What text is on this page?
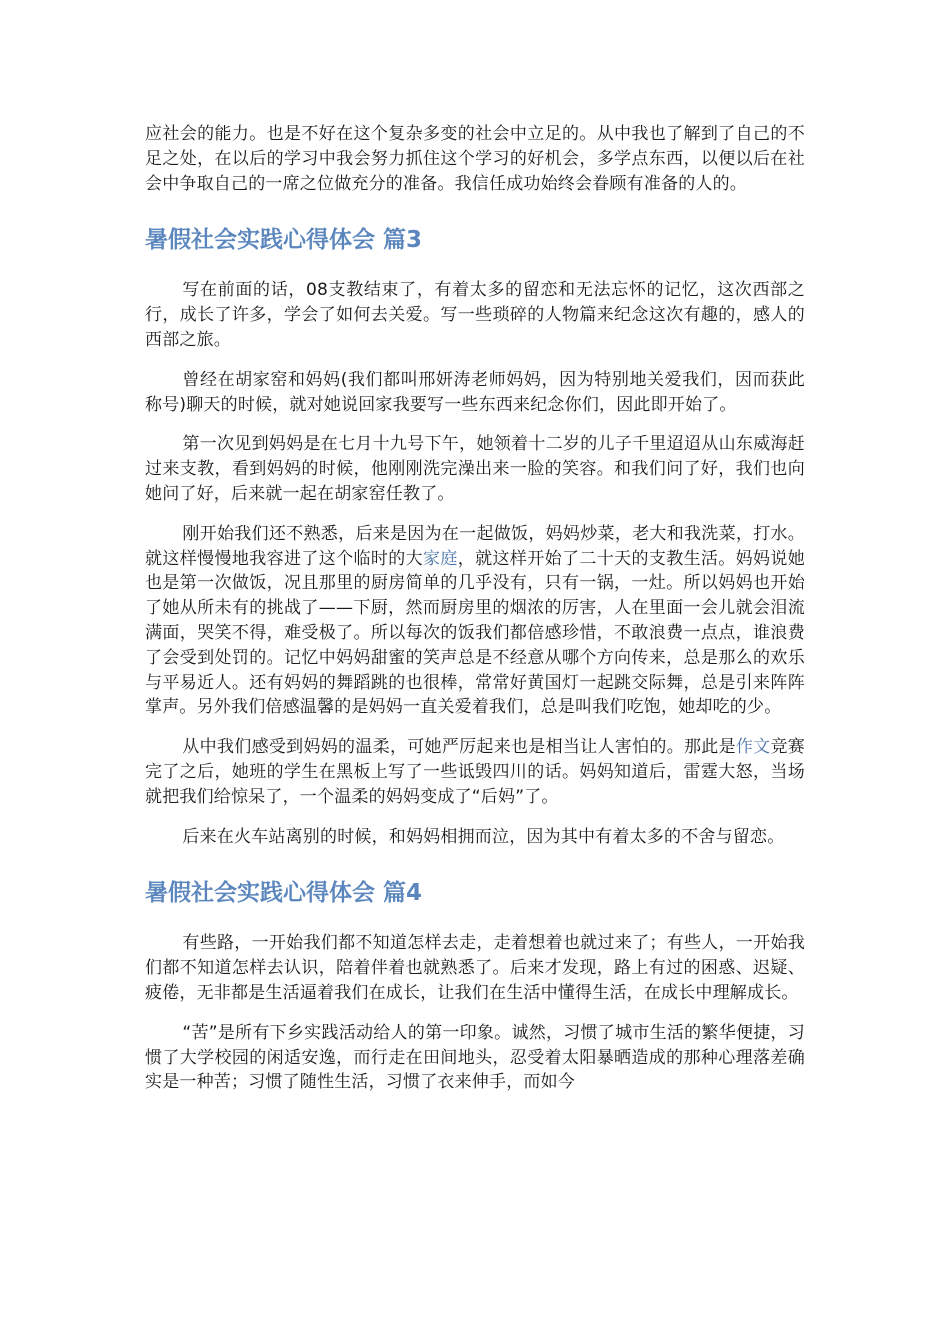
应社会的能力。也是不好在这个复杂多变的社会中立足的。从中我也了解到了自己的不足之处，在以后的学习中我会努力抓住这个学习的好机会，多学点东西，以便以后在社会中争取自己的一席之位做充分的准备。我信任成功始终会眷顾有准备的人的。

暑假社会实践心得体会 篇3

写在前面的话，08支教结束了，有着太多的留恋和无法忘怀的记忆，这次西部之行，成长了许多，学会了如何去关爱。写一些琐碎的人物篇来纪念这次有趣的，感人的西部之旅。

曾经在胡家窑和妈妈(我们都叫邢妍涛老师妈妈，因为特别地关爱我们，因而获此称号)聊天的时候，就对她说回家我要写一些东西来纪念你们，因此即开始了。

第一次见到妈妈是在七月十九号下午，她领着十二岁的儿子千里迢迢从山东威海赶过来支教，看到妈妈的时候，他刚刚洗完澡出来一脸的笑容。和我们问了好，我们也向她问了好，后来就一起在胡家窑任教了。

刚开始我们还不熟悉，后来是因为在一起做饭，妈妈炒菜，老大和我洗菜，打水。就这样慢慢地我容进了这个临时的大家庭，就这样开始了二十天的支教生活。妈妈说她也是第一次做饭，况且那里的厨房简单的几乎没有，只有一锅，一灶。所以妈妈也开始了她从所未有的挑战了——下厨，然而厨房里的烟浓的厉害，人在里面一会儿就会泪流满面，哭笑不得，难受极了。所以每次的饭我们都倍感珍惜，不敢浪费一点点，谁浪费了会受到处罚的。记忆中妈妈甜蜜的笑声总是不经意从哪个方向传来，总是那么的欢乐与平易近人。还有妈妈的舞蹈跳的也很棒，常常好黄国灯一起跳交际舞，总是引来阵阵掌声。另外我们倍感温馨的是妈妈一直关爱着我们，总是叫我们吃饱，她却吃的少。

从中我们感受到妈妈的温柔，可她严厉起来也是相当让人害怕的。那此是作文竞赛完了之后，她班的学生在黑板上写了一些诋毁四川的话。妈妈知道后，雷霆大怒，当场就把我们给惊呆了，一个温柔的妈妈变成了“后妈”了。

后来在火车站离别的时候，和妈妈相拥而泣，因为其中有着太多的不舍与留恋。

暑假社会实践心得体会 篇4

有些路，一开始我们都不知道怎样去走，走着想着也就过来了；有些人，一开始我们都不知道怎样去认识，陪着伴着也就熟悉了。后来才发现，路上有过的困惑、迟疑、疲倦，无非都是生活逼着我们在成长，让我们在生活中懂得生活，在成长中理解成长。

“苦”是所有下乡实践活动给人的第一印象。诚然，习惯了城市生活的繁华便捷，习惯了大学校园的闲适安逸，而行走在田间地头，忍受着太阳暴晒造成的那种心理落差确实是一种苦；习惯了随性生活，习惯了衣来伸手，而如今
